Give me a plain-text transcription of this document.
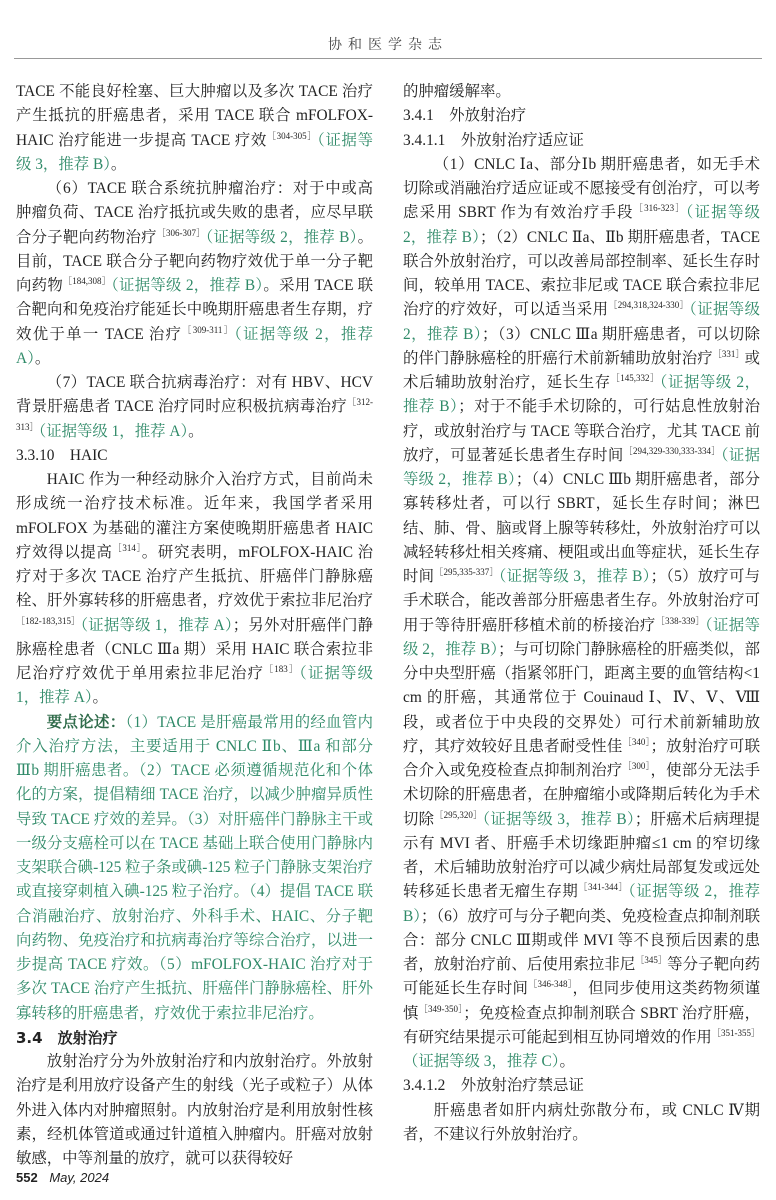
协和医学杂志

TACE 不能良好栓塞、巨大肿瘤以及多次 TACE 治疗产生抵抗的肝癌患者，采用 TACE 联合 mFOLFOX-HAIC 治疗能进一步提高 TACE 疗效$^{[304-305]}$（证据等级 3，推荐 B）。

（6）TACE 联合系统抗肿瘤治疗：对于中或高肿瘤负荷、TACE 治疗抵抗或失败的患者，应尽早联合分子靶向药物治疗$^{[306-307]}$（证据等级 2，推荐 B）。目前，TACE 联合分子靶向药物疗效优于单一分子靶向药物$^{[184,308]}$（证据等级 2，推荐 B）。采用 TACE 联合靶向和免疫治疗能延长中晚期肝癌患者生存期，疗效优于单一 TACE 治疗$^{[309-311]}$（证据等级 2，推荐 A）。

（7）TACE 联合抗病毒治疗：对有 HBV、HCV 背景肝癌患者 TACE 治疗同时应积极抗病毒治疗$^{[312-313]}$（证据等级 1，推荐 A）。

3.3.10　HAIC

HAIC 作为一种经动脉介入治疗方式，目前尚未形成统一治疗技术标准。近年来，我国学者采用 mFOLFOX 为基础的灌注方案使晚期肝癌患者 HAIC 疗效得以提高$^{[314]}$。研究表明，mFOLFOX-HAIC 治疗对于多次 TACE 治疗产生抵抗、肝癌伴门静脉癌栓、肝外寡转移的肝癌患者，疗效优于索拉非尼治疗$^{[182-183,315]}$（证据等级 1，推荐 A）；另外对肝癌伴门静脉癌栓患者（CNLC Ⅲa 期）采用 HAIC 联合索拉非尼治疗疗效优于单用索拉非尼治疗$^{[183]}$（证据等级 1，推荐 A）。

要点论述：（1）TACE 是肝癌最常用的经血管内介入治疗方法，主要适用于 CNLC Ⅱb、Ⅲa 和部分Ⅲb 期肝癌患者。（2）TACE 必须遵循规范化和个体化的方案，提倡精细 TACE 治疗，以减少肿瘤异质性导致 TACE 疗效的差异。（3）对肝癌伴门静脉主干或一级分支癌栓可以在 TACE 基础上联合使用门静脉内支架联合碘-125 粒子条或碘-125 粒子门静脉支架治疗或直接穿刺植入碘-125 粒子治疗。（4）提倡 TACE 联合消融治疗、放射治疗、外科手术、HAIC、分子靶向药物、免疫治疗和抗病毒治疗等综合治疗，以进一步提高 TACE 疗效。（5）mFOLFOX-HAIC 治疗对于多次 TACE 治疗产生抵抗、肝癌伴门静脉癌栓、肝外寡转移的肝癌患者，疗效优于索拉非尼治疗。

3.4　放射治疗

放射治疗分为外放射治疗和内放射治疗。外放射治疗是利用放疗设备产生的射线（光子或粒子）从体外进入体内对肿瘤照射。内放射治疗是利用放射性核素，经机体管道或通过针道植入肿瘤内。肝癌对放射敏感，中等剂量的放疗，就可以获得较好

的肿瘤缓解率。

3.4.1　外放射治疗

3.4.1.1　外放射治疗适应证

（1）CNLC Ⅰa、部分Ⅰb 期肝癌患者，如无手术切除或消融治疗适应证或不愿接受有创治疗，可以考虑采用 SBRT 作为有效治疗手段$^{[316-323]}$（证据等级 2，推荐 B）；（2）CNLC Ⅱa、Ⅱb 期肝癌患者，TACE 联合外放射治疗，可以改善局部控制率、延长生存时间，较单用 TACE、索拉非尼或 TACE 联合索拉非尼治疗的疗效好，可以适当采用$^{[294,318,324-330]}$（证据等级 2，推荐 B）；（3）CNLC Ⅲa 期肝癌患者，可以切除的伴门静脉癌栓的肝癌行术前新辅助放射治疗$^{[331]}$或术后辅助放射治疗，延长生存$^{[145,332]}$（证据等级 2，推荐 B）；对于不能手术切除的，可行姑息性放射治疗，或放射治疗与 TACE 等联合治疗，尤其 TACE 前放疗，可显著延长患者生存时间$^{[294,329-330,333-334]}$（证据等级 2，推荐 B）；（4）CNLC Ⅲb 期肝癌患者，部分寡转移灶者，可以行 SBRT，延长生存时间；淋巴结、肺、骨、脑或肾上腺等转移灶，外放射治疗可以减轻转移灶相关疼痛、梗阻或出血等症状，延长生存时间$^{[295,335-337]}$（证据等级 3，推荐 B）；（5）放疗可与手术联合，能改善部分肝癌患者生存。外放射治疗可用于等待肝癌肝移植术前的桥接治疗$^{[338-339]}$（证据等级 2，推荐 B）；与可切除门静脉癌栓的肝癌类似，部分中央型肝癌（指紧邻肝门，距离主要的血管结构<1 cm 的肝癌，其通常位于 Couinaud Ⅰ、Ⅳ、Ⅴ、Ⅷ段，或者位于中央段的交界处）可行术前新辅助放疗，其疗效较好且患者耐受性佳$^{[340]}$；放射治疗可联合介入或免疫检查点抑制剂治疗$^{[300]}$，使部分无法手术切除的肝癌患者，在肿瘤缩小或降期后转化为手术切除$^{[295,320]}$（证据等级 3，推荐 B）；肝癌术后病理提示有 MVI 者、肝癌手术切缘距肿瘤≤1 cm 的窄切缘者，术后辅助放射治疗可以减少病灶局部复发或远处转移延长患者无瘤生存期$^{[341-344]}$（证据等级 2，推荐 B）；（6）放疗可与分子靶向类、免疫检查点抑制剂联合：部分 CNLC Ⅲ期或伴 MVI 等不良预后因素的患者，放射治疗前、后使用索拉非尼$^{[345]}$等分子靶向药可能延长生存时间$^{[346-348]}$，但同步使用这类药物须谨慎$^{[349-350]}$；免疫检查点抑制剂联合 SBRT 治疗肝癌，有研究结果提示可能起到相互协同增效的作用$^{[351-355]}$（证据等级 3，推荐 C）。

3.4.1.2　外放射治疗禁忌证

肝癌患者如肝内病灶弥散分布，或 CNLC Ⅳ期者，不建议行外放射治疗。

552 May, 2024
